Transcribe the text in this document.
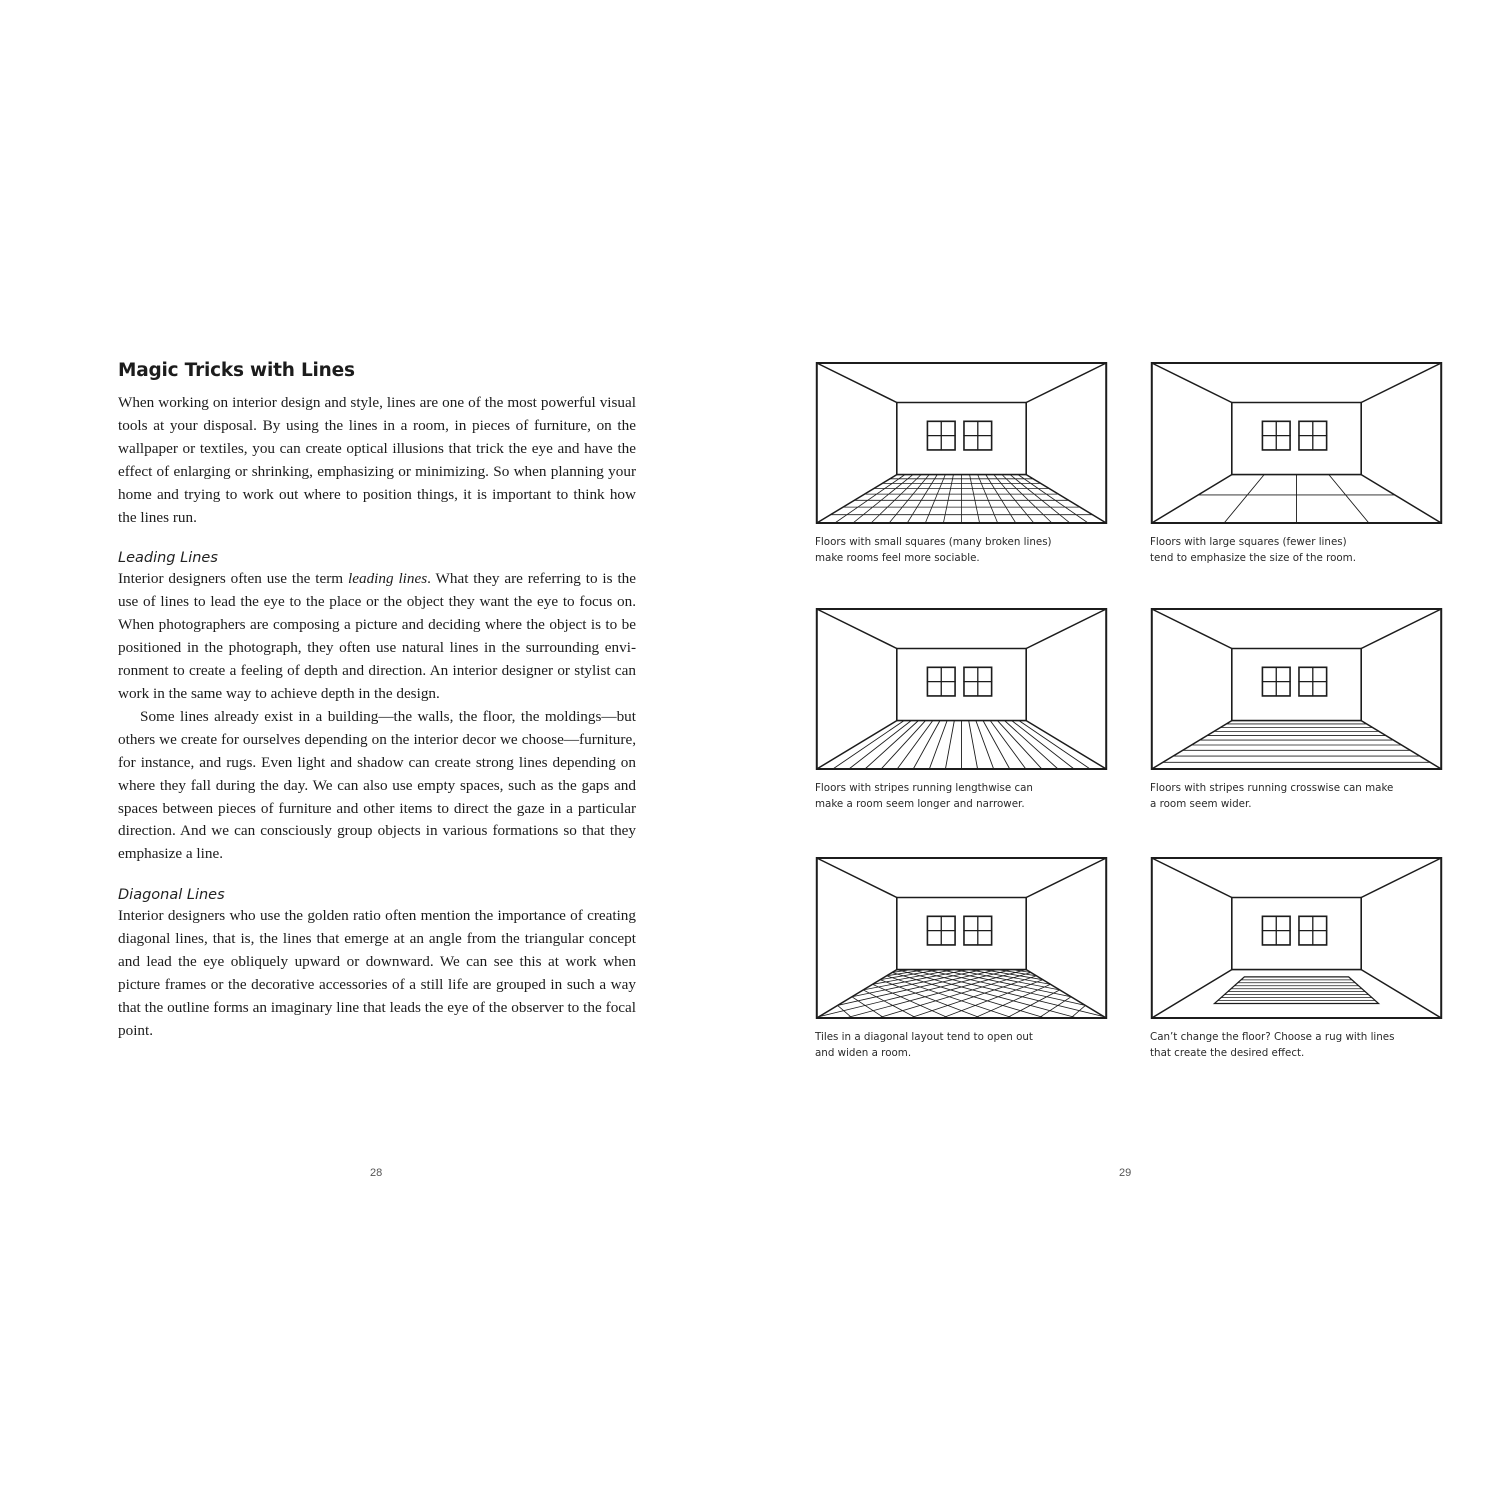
Magic Tricks with Lines

When working on interior design and style, lines are one of the most powerful visual tools at your disposal. By using the lines in a room, in pieces of furniture, on the wallpaper or textiles, you can create optical illusions that trick the eye and have the effect of enlarging or shrinking, emphasizing or minimizing. So when planning your home and trying to work out where to position things, it is important to think how the lines run.

Leading Lines

Interior designers often use the term leading lines. What they are referring to is the use of lines to lead the eye to the place or the object they want the eye to focus on. When photographers are composing a picture and deciding where the object is to be positioned in the photograph, they often use natural lines in the surrounding environment to create a feeling of depth and direction. An interior designer or stylist can work in the same way to achieve depth in the design.

Some lines already exist in a building—the walls, the floor, the moldings—but others we create for ourselves depending on the interior decor we choose—furniture, for instance, and rugs. Even light and shadow can create strong lines depending on where they fall during the day. We can also use empty spaces, such as the gaps and spaces between pieces of furniture and other items to direct the gaze in a particular direction. And we can consciously group objects in various formations so that they emphasize a line.

Diagonal Lines

Interior designers who use the golden ratio often mention the importance of creating diagonal lines, that is, the lines that emerge at an angle from the triangular concept and lead the eye obliquely upward or downward. We can see this at work when picture frames or the decorative accessories of a still life are grouped in such a way that the outline forms an imaginary line that leads the eye of the observer to the focal point.

28	29
Floors with small squares (many broken lines)
make rooms feel more sociable.
Floors with large squares (fewer lines)
tend to emphasize the size of the room.
Floors with stripes running lengthwise can
make a room seem longer and narrower.
Floors with stripes running crosswise can make
a room seem wider.
Tiles in a diagonal layout tend to open out
and widen a room.
Can’t change the floor? Choose a rug with lines
that create the desired effect.
